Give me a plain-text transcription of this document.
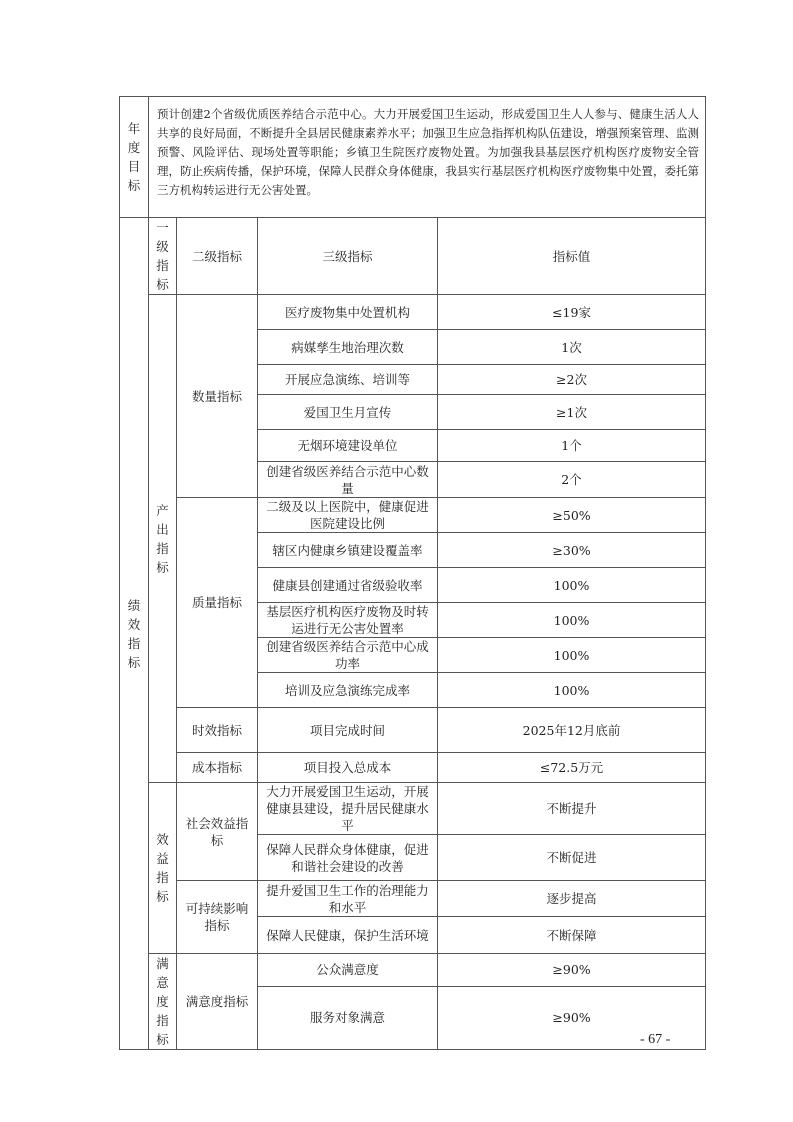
年度目标	预计创建2个省级优质医养结合示范中心。大力开展爱国卫生运动，形成爱国卫生人人参与、健康生活人人共享的良好局面，不断提升全县居民健康素养水平；加强卫生应急指挥机构队伍建设，增强预案管理、监测预警、风险评估、现场处置等职能；乡镇卫生院医疗废物处置。为加强我县基层医疗机构医疗废物安全管理，防止疾病传播，保护环境，保障人民群众身体健康，我县实行基层医疗机构医疗废物集中处置，委托第三方机构转运进行无公害处置。			
绩效指标	一级指标	二级指标	三级指标	指标值
	产出指标	数量指标	医疗废物集中处置机构	≤19家
			病媒孳生地治理次数	1次
			开展应急演练、培训等	≥2次
			爱国卫生月宣传	≥1次
			无烟环境建设单位	1个
			创建省级医养结合示范中心数量	2个
		质量指标	二级及以上医院中，健康促进医院建设比例	≥50%
			辖区内健康乡镇建设覆盖率	≥30%
			健康县创建通过省级验收率	100%
			基层医疗机构医疗废物及时转运进行无公害处置率	100%
			创建省级医养结合示范中心成功率	100%
			培训及应急演练完成率	100%
		时效指标	项目完成时间	2025年12月底前
		成本指标	项目投入总成本	≤72.5万元
	效益指标	社会效益指标	大力开展爱国卫生运动，开展健康县建设，提升居民健康水平	不断提升
			保障人民群众身体健康，促进和谐社会建设的改善	不断促进
		可持续影响指标	提升爱国卫生工作的治理能力和水平	逐步提高
			保障人民健康，保护生活环境	不断保障
	满意度指标	满意度指标	公众满意度	≥90%
			服务对象满意	≥90%
- 67 -
